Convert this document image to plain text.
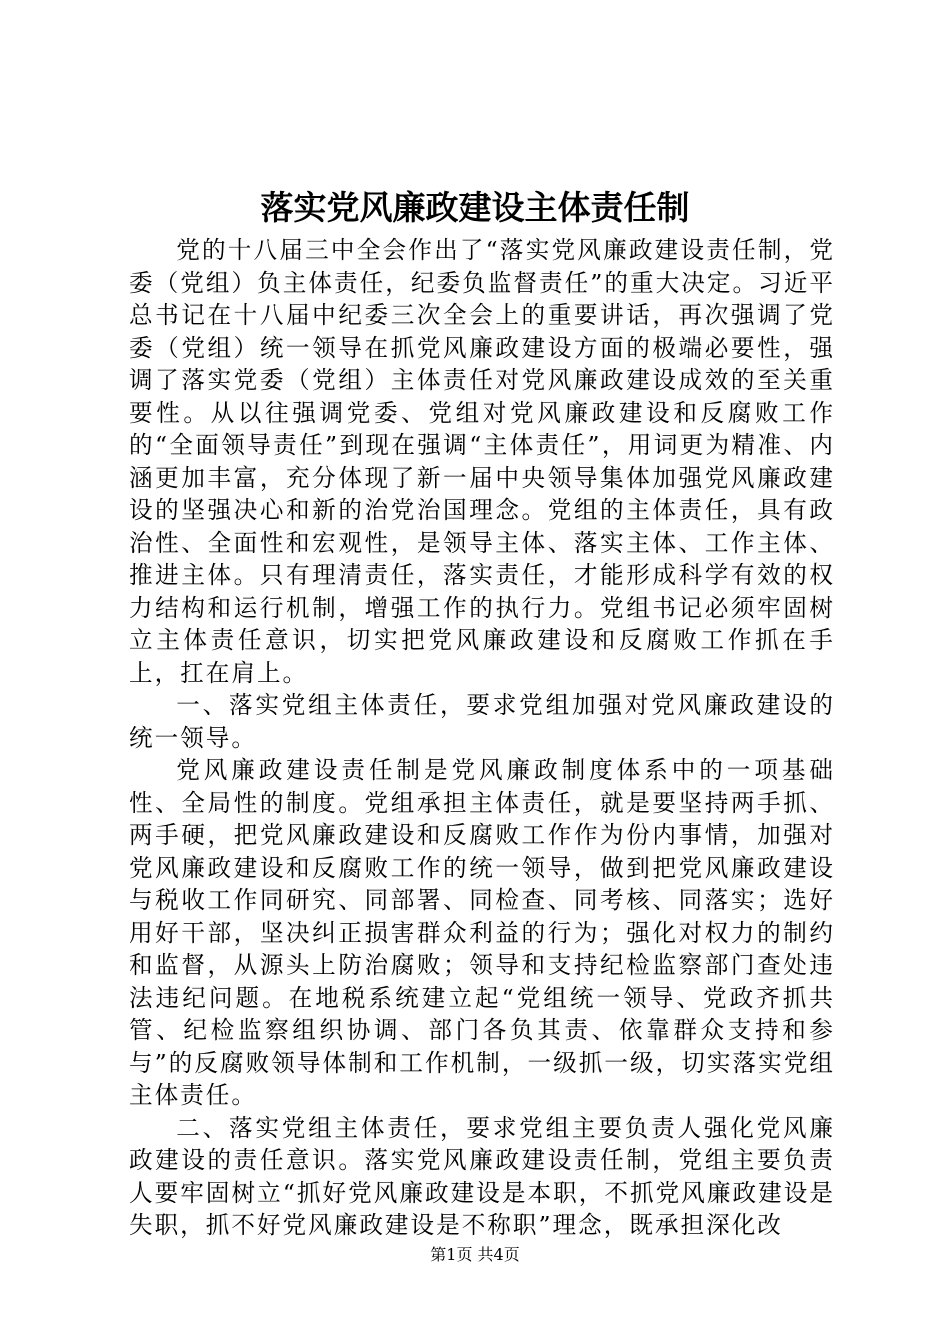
落实党风廉政建设主体责任制

党的十八届三中全会作出了“落实党风廉政建设责任制，党委（党组）负主体责任，纪委负监督责任”的重大决定。习近平总书记在十八届中纪委三次全会上的重要讲话，再次强调了党委（党组）统一领导在抓党风廉政建设方面的极端必要性，强调了落实党委（党组）主体责任对党风廉政建设成效的至关重要性。从以往强调党委、党组对党风廉政建设和反腐败工作的“全面领导责任”到现在强调“主体责任”，用词更为精准、内涵更加丰富，充分体现了新一届中央领导集体加强党风廉政建设的坚强决心和新的治党治国理念。党组的主体责任，具有政治性、全面性和宏观性，是领导主体、落实主体、工作主体、推进主体。只有理清责任，落实责任，才能形成科学有效的权力结构和运行机制，增强工作的执行力。党组书记必须牢固树立主体责任意识，切实把党风廉政建设和反腐败工作抓在手上，扛在肩上。

一、落实党组主体责任，要求党组加强对党风廉政建设的统一领导。

党风廉政建设责任制是党风廉政制度体系中的一项基础性、全局性的制度。党组承担主体责任，就是要坚持两手抓、两手硬，把党风廉政建设和反腐败工作作为份内事情，加强对党风廉政建设和反腐败工作的统一领导，做到把党风廉政建设与税收工作同研究、同部署、同检查、同考核、同落实；选好用好干部，坚决纠正损害群众利益的行为；强化对权力的制约和监督，从源头上防治腐败；领导和支持纪检监察部门查处违法违纪问题。在地税系统建立起“党组统一领导、党政齐抓共管、纪检监察组织协调、部门各负其责、依靠群众支持和参与”的反腐败领导体制和工作机制，一级抓一级，切实落实党组主体责任。

二、落实党组主体责任，要求党组主要负责人强化党风廉政建设的责任意识。落实党风廉政建设责任制，党组主要负责人要牢固树立“抓好党风廉政建设是本职，不抓党风廉政建设是失职，抓不好党风廉政建设是不称职”理念，既承担深化改

第1页 共4页
